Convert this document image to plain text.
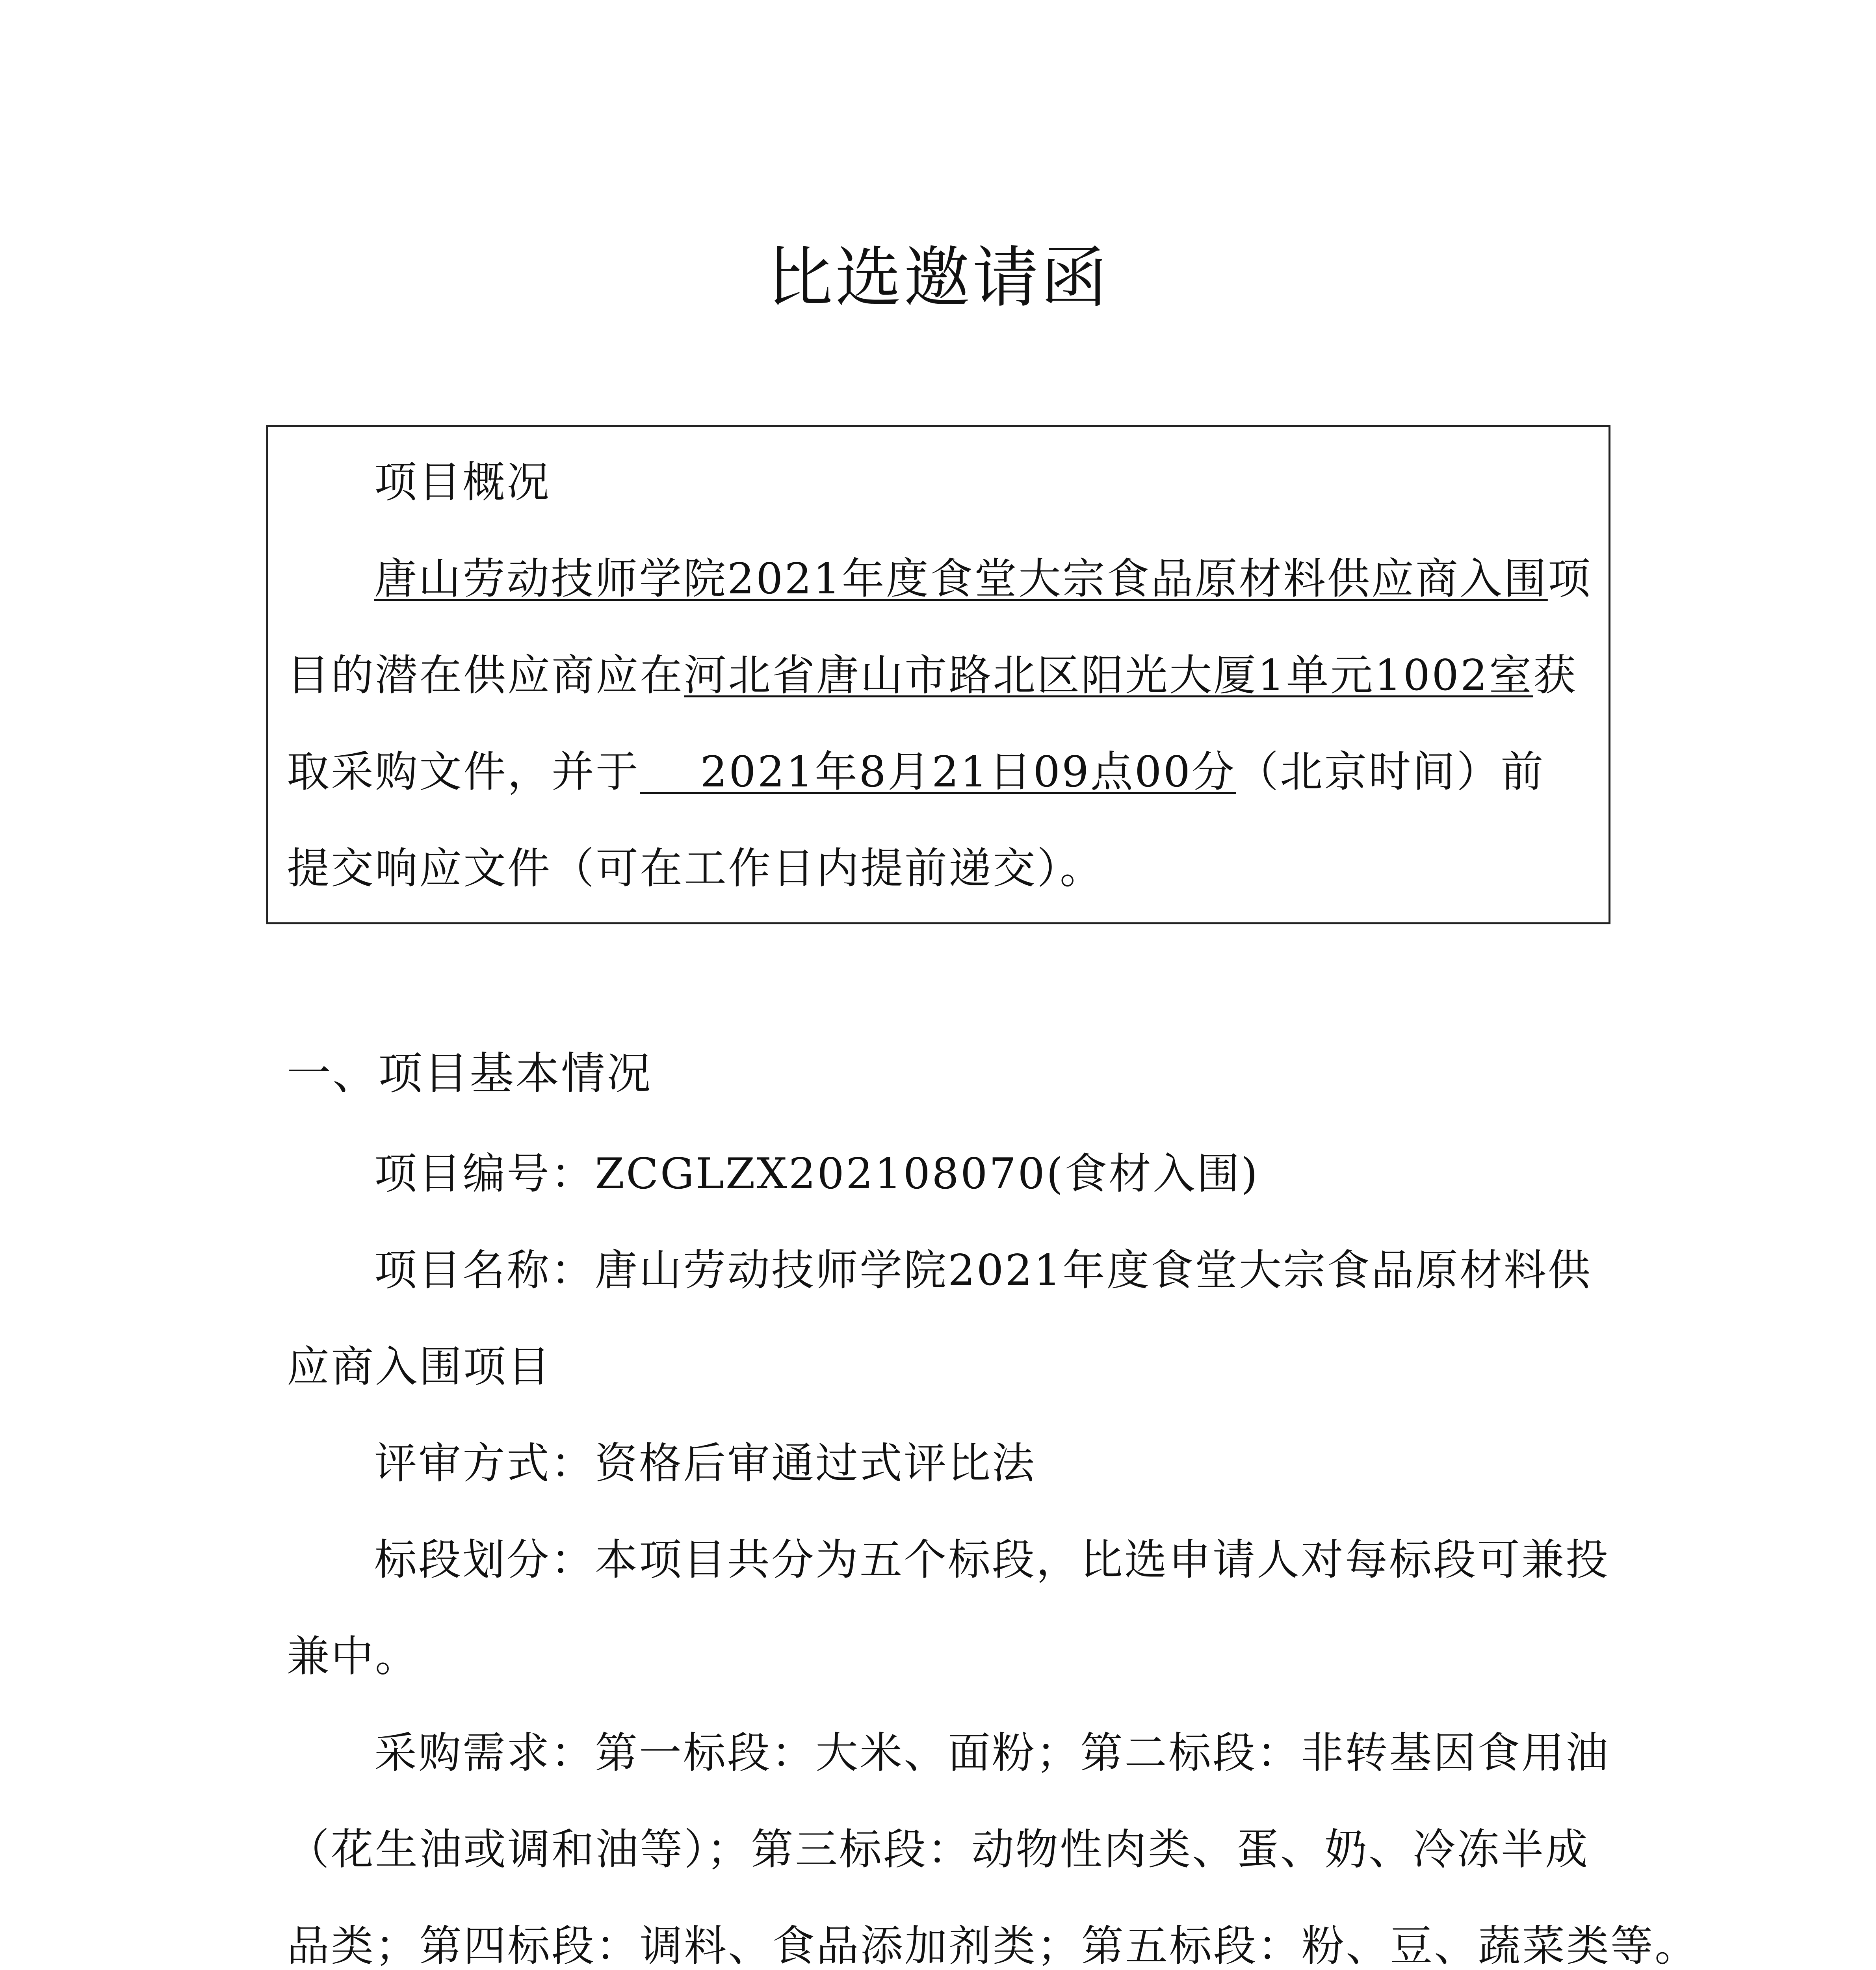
比选邀请函
项目概况
唐山劳动技师学院2021年度食堂大宗食品原材料供应商入围项
目的潜在供应商应在河北省唐山市路北区阳光大厦1单元1002室获
取采购文件，并于    2021年8月21日09点00分（北京时间）前
提交响应文件（可在工作日内提前递交）。
一、项目基本情况
项目编号：ZCGLZX202108070(食材入围)
项目名称：唐山劳动技师学院2021年度食堂大宗食品原材料供
应商入围项目
评审方式：资格后审通过式评比法
标段划分：本项目共分为五个标段，比选申请人对每标段可兼投
兼中。
采购需求：第一标段：大米、面粉；第二标段：非转基因食用油
（花生油或调和油等）；第三标段：动物性肉类、蛋、奶、冷冻半成
品类；第四标段：调料、食品添加剂类；第五标段：粉、豆、蔬菜类等。
